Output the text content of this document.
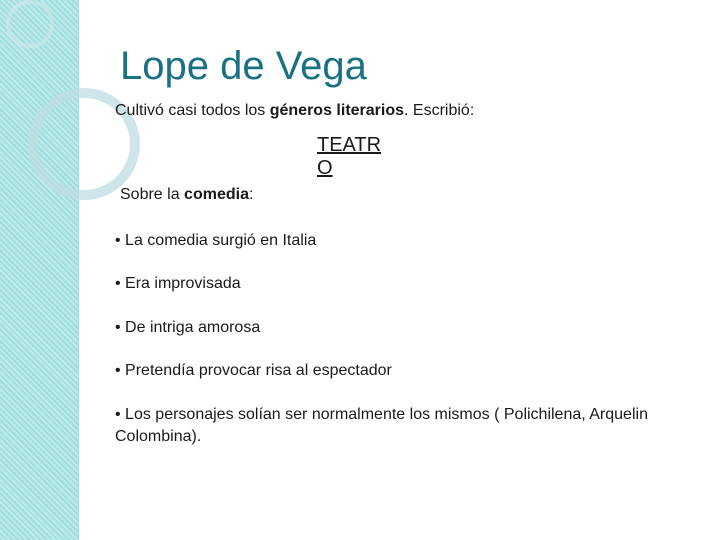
Lope de Vega
Cultivó casi todos los géneros literarios. Escribió:
TEATRO
Sobre la comedia:
• La comedia surgió en Italia
• Era improvisada
• De intriga amorosa
• Pretendía provocar risa al espectador
• Los personajes solían ser normalmente los mismos ( Polichilena, Arquelin Colombina).
